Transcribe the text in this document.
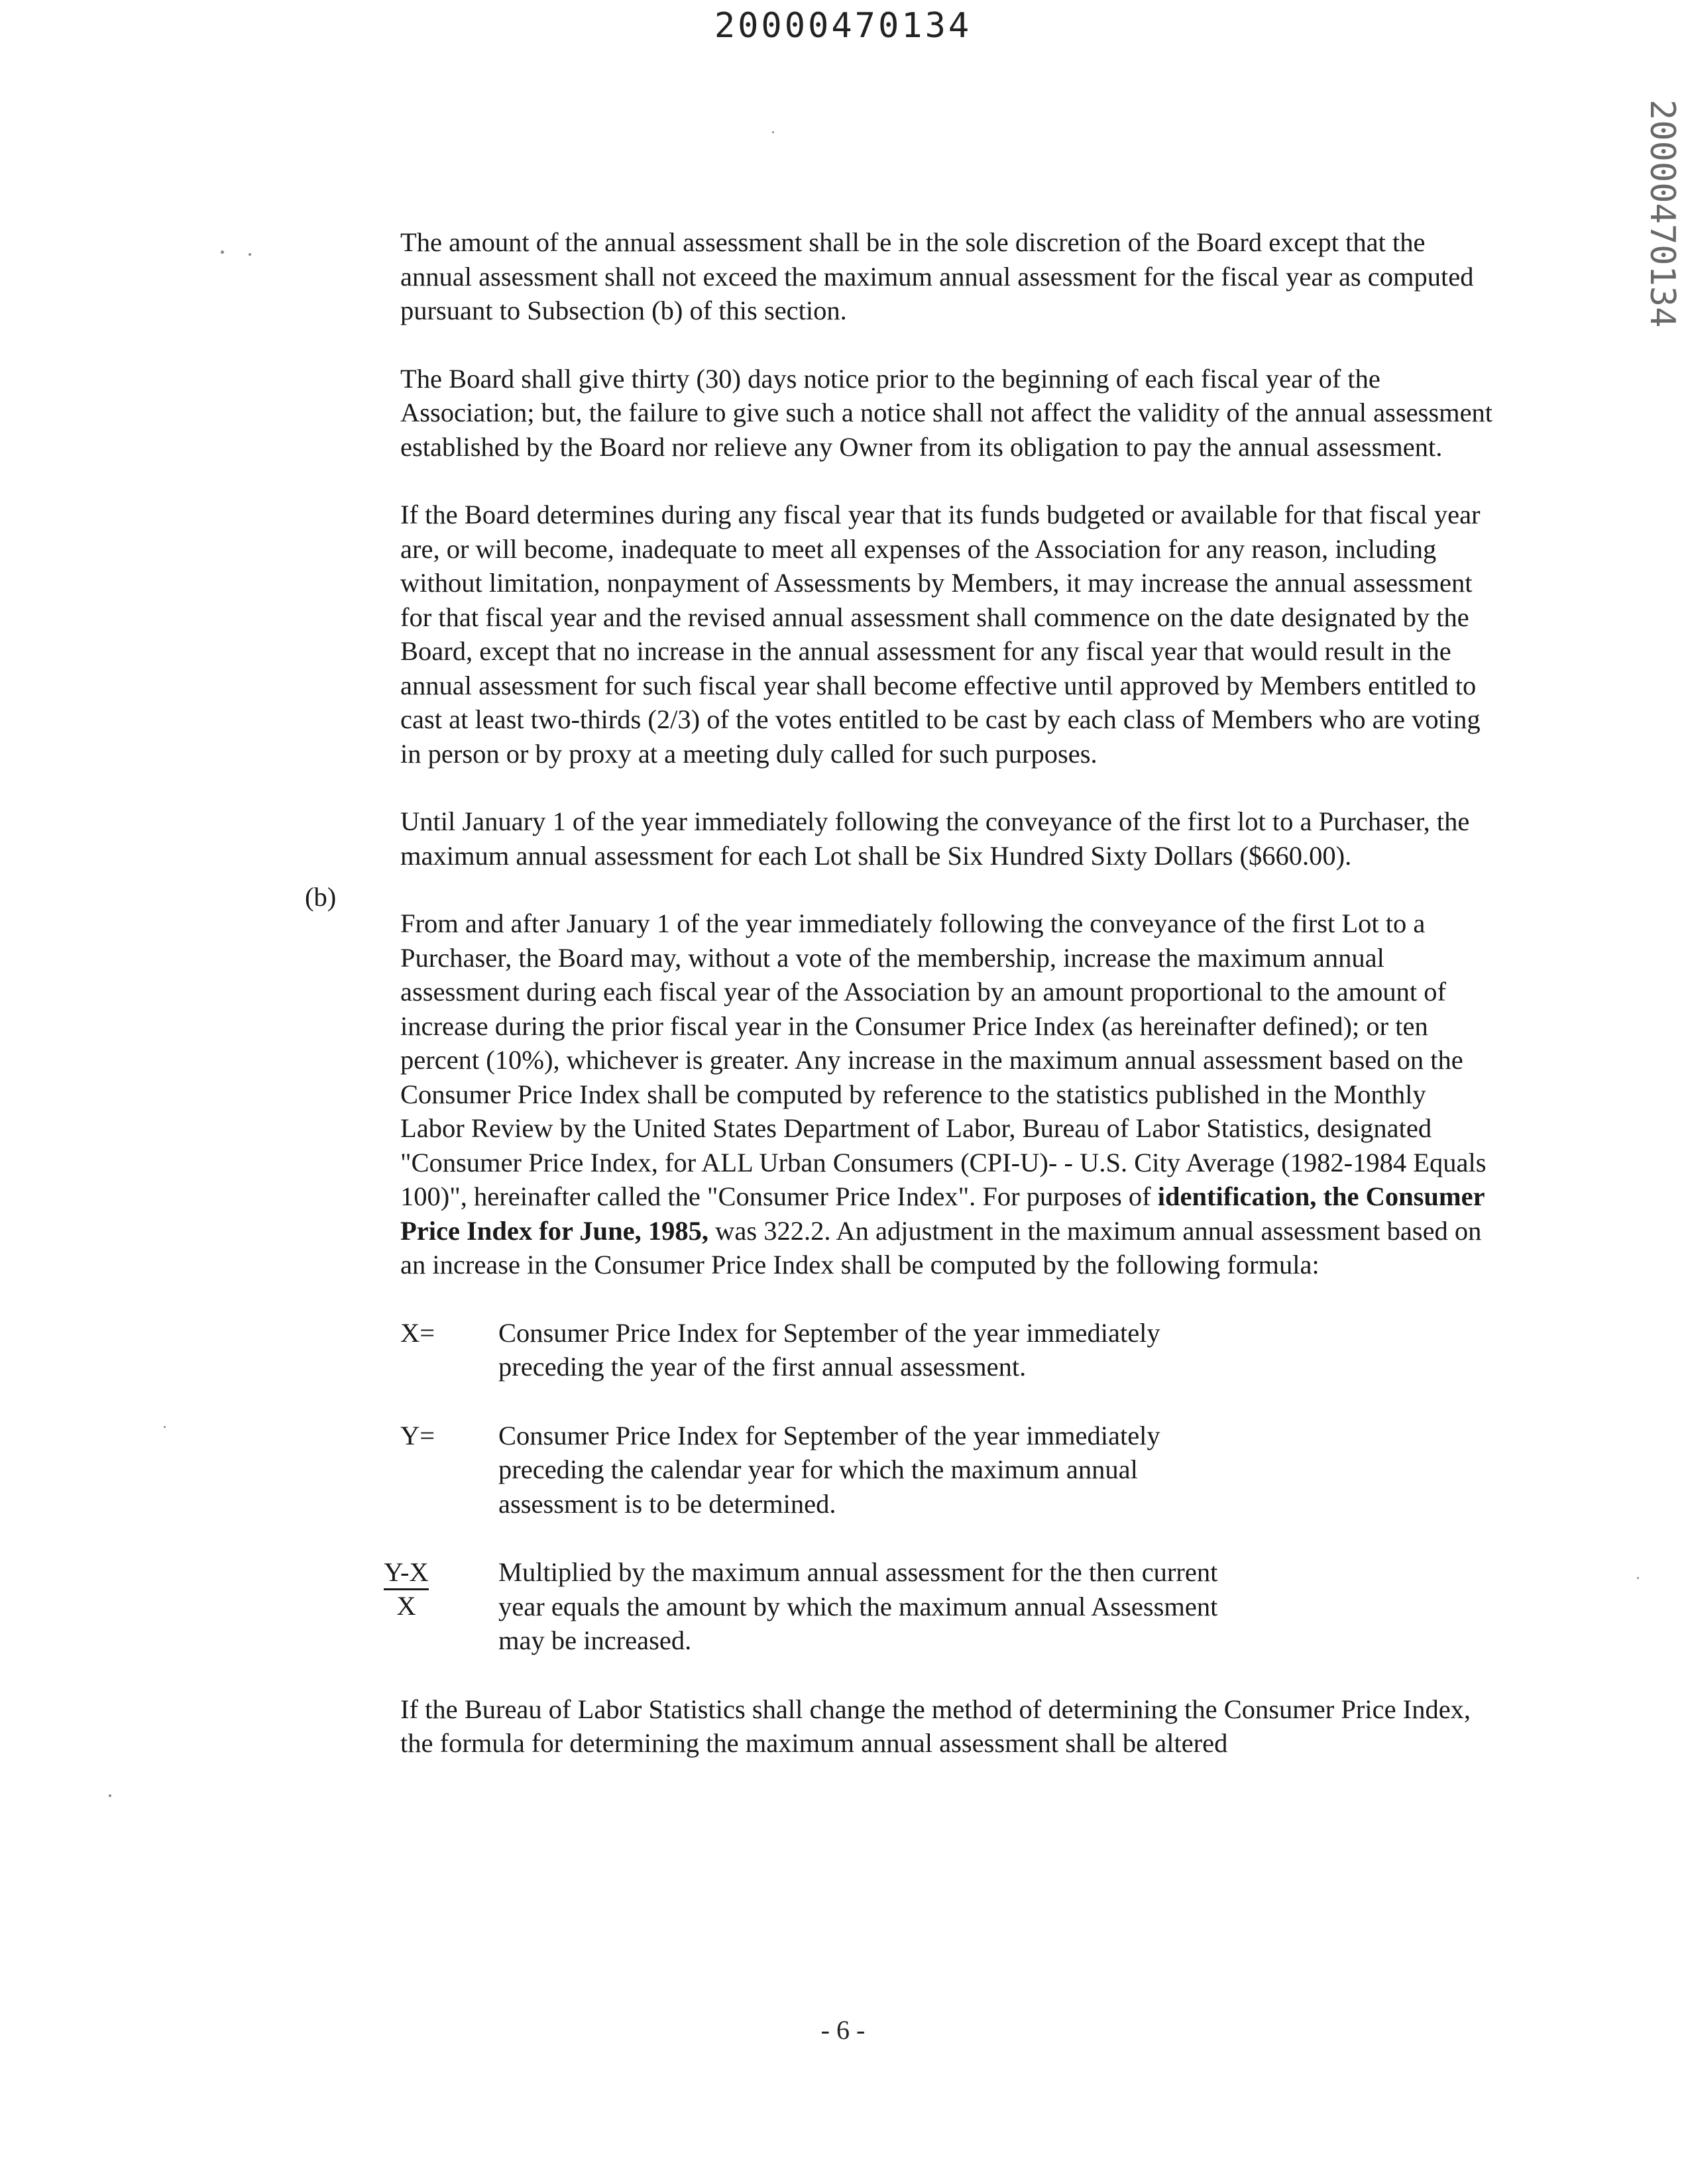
20000470134
20000470134
(b)

The amount of the annual assessment shall be in the sole discretion of the Board except that the annual assessment shall not exceed the maximum annual assessment for the fiscal year as computed pursuant to Subsection (b) of this section.

The Board shall give thirty (30) days notice prior to the beginning of each fiscal year of the Association; but, the failure to give such a notice shall not affect the validity of the annual assessment established by the Board nor relieve any Owner from its obligation to pay the annual assessment.

If the Board determines during any fiscal year that its funds budgeted or available for that fiscal year are, or will become, inadequate to meet all expenses of the Association for any reason, including without limitation, nonpayment of Assessments by Members, it may increase the annual assessment for that fiscal year and the revised annual assessment shall commence on the date designated by the Board, except that no increase in the annual assessment for any fiscal year that would result in the annual assessment for such fiscal year shall become effective until approved by Members entitled to cast at least two-thirds (2/3) of the votes entitled to be cast by each class of Members who are voting in person or by proxy at a meeting duly called for such purposes.

Until January 1 of the year immediately following the conveyance of the first lot to a Purchaser, the maximum annual assessment for each Lot shall be Six Hundred Sixty Dollars ($660.00).

From and after January 1 of the year immediately following the conveyance of the first Lot to a Purchaser, the Board may, without a vote of the membership, increase the maximum annual assessment during each fiscal year of the Association by an amount proportional to the amount of increase during the prior fiscal year in the Consumer Price Index (as hereinafter defined); or ten percent (10%), whichever is greater. Any increase in the maximum annual assessment based on the Consumer Price Index shall be computed by reference to the statistics published in the Monthly Labor Review by the United States Department of Labor, Bureau of Labor Statistics, designated "Consumer Price Index, for ALL Urban Consumers (CPI-U)- - U.S. City Average (1982-1984 Equals 100)", hereinafter called the "Consumer Price Index". For purposes of identification, the Consumer Price Index for June, 1985, was 322.2. An adjustment in the maximum annual assessment based on an increase in the Consumer Price Index shall be computed by the following formula:

X=	Consumer Price Index for September of the year immediately preceding the year of the first annual assessment.
Y=	Consumer Price Index for September of the year immediately preceding the calendar year for which the maximum annual assessment is to be determined.
$\frac{Y-X}{X}$ Multiplied by the maximum annual assessment for the then current year equals the amount by which the maximum annual Assessment may be increased.

If the Bureau of Labor Statistics shall change the method of determining the Consumer Price Index, the formula for determining the maximum annual assessment shall be altered

- 6 -
